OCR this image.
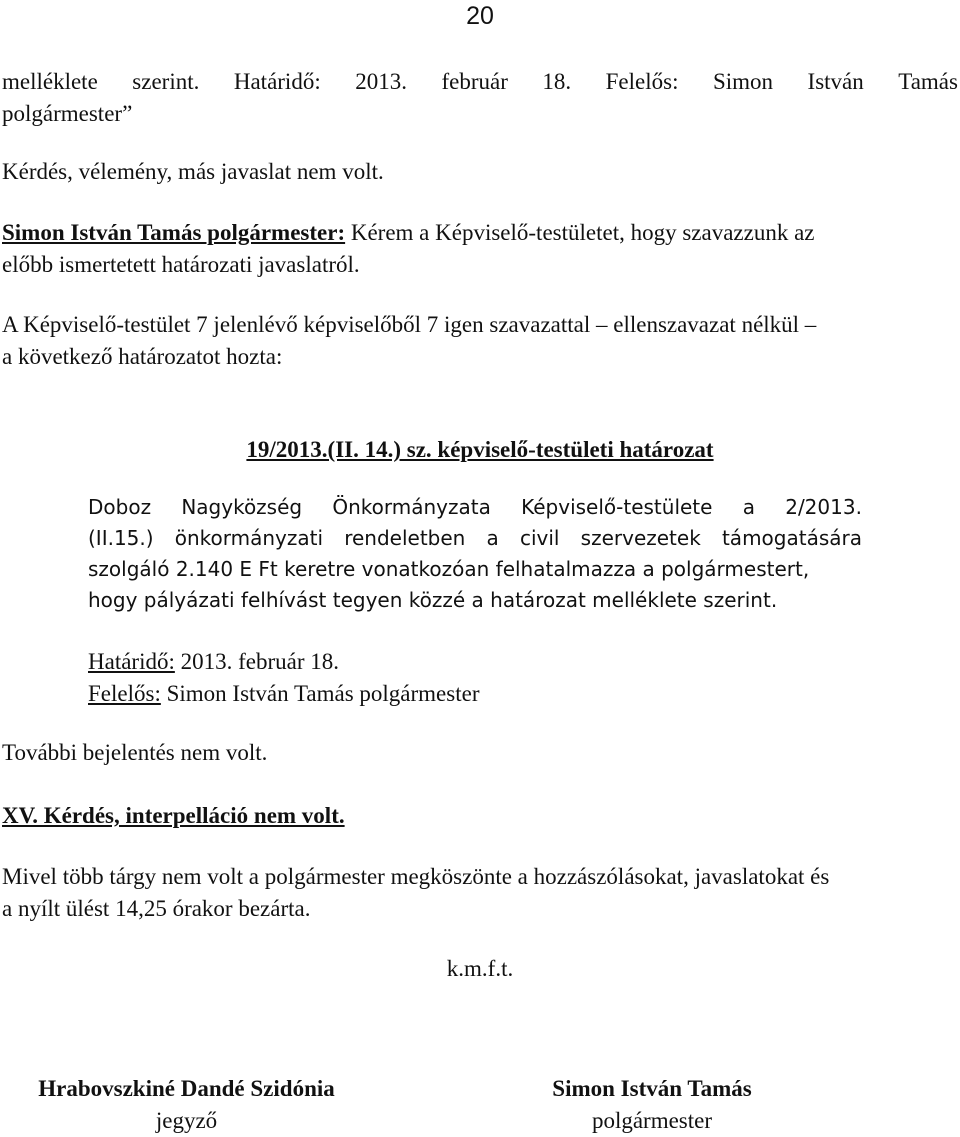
20
mellékletе szerint. Határidő: 2013. február 18. Felelős: Simon István Tamás
polgármester”
Kérdés, vélemény, más javaslat nem volt.
Simon István Tamás polgármester: Kérem a Képviselő-testületet, hogy szavazzunk az
előbb ismertetett határozati javaslatról.
A Képviselő-testület 7 jelenlévő képviselőből 7 igen szavazattal – ellenszavazat nélkül –
a következő határozatot hozta:
19/2013.(II. 14.) sz. képviselő-testületi határozat
Doboz Nagyközség Önkormányzata Képviselő-testülete a 2/2013.
(II.15.) önkormányzati rendeletben a civil szervezetek támogatására
szolgáló 2.140 E Ft keretre vonatkozóan felhatalmazza a polgármestert,
hogy pályázati felhívást tegyen közzé a határozat melléklete szerint.
Határidő: 2013. február 18.
Felelős: Simon István Tamás polgármester
További bejelentés nem volt.
XV. Kérdés, interpelláció nem volt.
Mivel több tárgy nem volt a polgármester megköszönte a hozzászólásokat, javaslatokat és
a nyílt ülést 14,25 órakor bezárta.
k.m.f.t.
Hrabovszkiné Dandé Szidónia
jegyző
Simon István Tamás
polgármester
